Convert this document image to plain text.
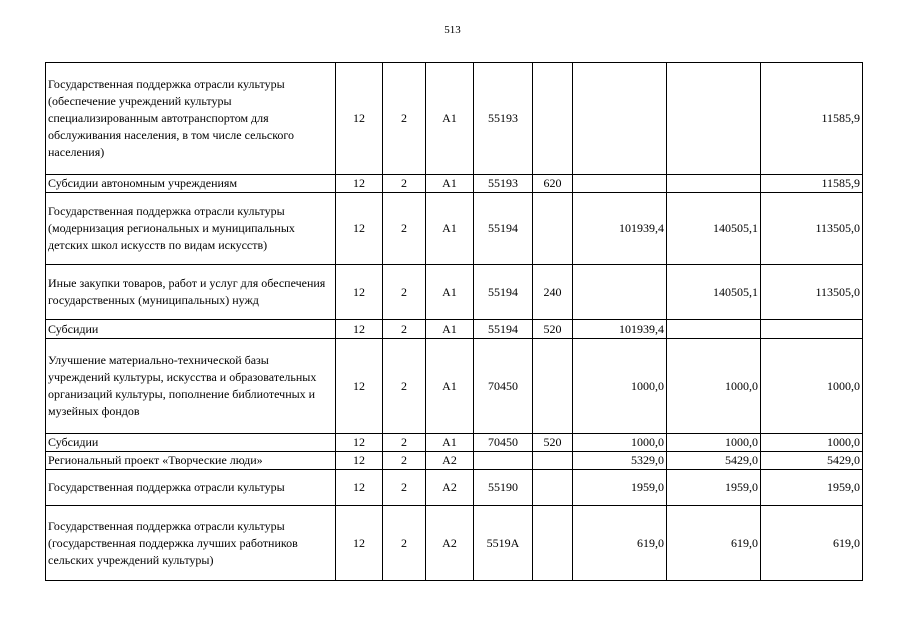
513
Государственная поддержка отрасли культуры (обеспечение учреждений культуры специализированным автотранспортом для обслуживания населения, в том числе сельского населения)	12	2	А1	55193				11585,9
Субсидии автономным учреждениям	12	2	А1	55193	620			11585,9
Государственная поддержка отрасли культуры (модернизация региональных и муниципальных детских школ искусств по видам искусств)	12	2	А1	55194		101939,4	140505,1	113505,0
Иные закупки товаров, работ и услуг для обеспечения государственных (муниципальных) нужд	12	2	А1	55194	240		140505,1	113505,0
Субсидии	12	2	А1	55194	520	101939,4		
Улучшение материально-технической базы учреждений культуры, искусства и образовательных организаций культуры, пополнение библиотечных и музейных фондов	12	2	А1	70450		1000,0	1000,0	1000,0
Субсидии	12	2	А1	70450	520	1000,0	1000,0	1000,0
Региональный проект «Творческие люди»	12	2	А2			5329,0	5429,0	5429,0
Государственная поддержка отрасли культуры	12	2	А2	55190		1959,0	1959,0	1959,0
Государственная поддержка отрасли культуры (государственная поддержка лучших работников сельских учреждений культуры)	12	2	А2	5519А		619,0	619,0	619,0
